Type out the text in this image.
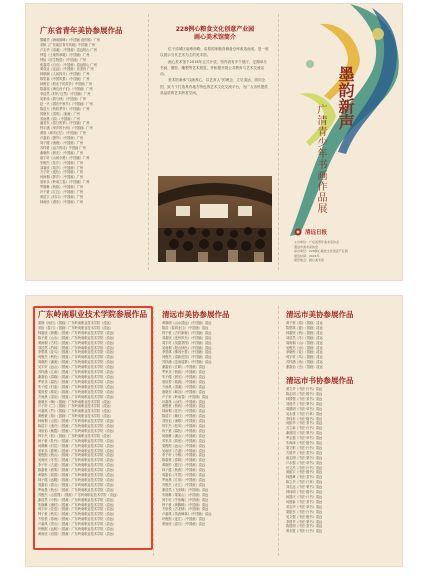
广东省青年美协参展作品
黎耀华《海南雄峰》（中国画 创作稿）广州
邓帆《广东地区青年风貌》中国画 广州
卢志华《清溪》（中国画）清远阳山 广州
钟雯《土地的承载》（中国画）广州
钟怡《浮生物语》（中国画）广州
张嘉靖《日出》（中国画）清远阳山 广州
黄成达《孟远》（中国画）省美协 广州
林晓娴《人间四月》（中国画）广州
陈思嘉《中国风景》（中国画）广州
林俊宏《阳光下的故乡》中国画 广州
陈嘉瑶《海边孩子们》（中国画）广州
李浩然《时代·自然》（中国画）广州
吴家伟《我与秋》（中国画）广州
赵一兴《国庆中秋节》（中国画）广州
陈浩天《秋收季节》（中国画）广州
郭晓东《清风》（油画）广州
邓雨晨《春》（中国画）广州
潘若东《春日的梦》（中国画）广州
钟宇涵《家乡的小河》（中国画）广州
黄欣《城市记忆》（中国画）广州
卢嘉怡《窗外》（中国画）广州
周子健《渔港》（中国画）广州
苏梓豪《远方的诗》中国画 广州
谢晓彤《晨光》（中国画）广州
唐宇轩《山间小路》（中国画）广州
朱俊杰《花开》（中国画）广州
刘嘉欣《故乡》（中国画）广州
方子轩《夜色》（中国画）广州
何雨桐《梦乡》（中国画）广州
梁家乐《岭南之春》（中国画）广州
罗晓琳《秋韵》（中国画）广州
叶子豪《江边》（中国画）广州
黄浩宇《村口》（中国画）广州
林雨欣《漫步》（中国画）广州
228例心粮食文化创意产业园
画心美术馆简介

位于清城区南粤西路，由原国家粮食储备仓库改造而成，是一座以展示当代艺术为主的美术馆。

画心美术馆于2016年正式开放，馆内设有多个展厅，定期举办书画、摄影、雕塑等艺术展览，并积极开展公共教育与艺术交流活动。

美术馆秉承“以画养心，以艺育人”的理念，立足清远，面向全国，致力于打造具有地方特色的艺术文化交流平台，为广大市民提供高品质的艺术欣赏空间。	墨韵新声
广清青少年书画作品展
清远日报
主办单位：广东省青年美术家协会
清远市美术家协会
承办单位：228例心粮食文化创意产业园
展览时间：2021年
展览地点：画心美术馆
广东岭南职业技术学院参展作品
梁晓《雨后》（国画）广东岭南职业技术学院（清远）
邓怡《春日》（国画）广东岭南职业技术学院（清远）
林嘉欣《荷塘》（国画）广东岭南职业技术学院（清远）
陈子豪《山水》（国画）广东岭南职业技术学院（清远）
黄雨桐《古村》（国画）广东岭南职业技术学院（清远）
刘浩然《竹林》（国画）广东岭南职业技术学院（清远）
李思琪《花鸟》（国画）广东岭南职业技术学院（清远）
何俊杰《秋色》（国画）广东岭南职业技术学院（清远）
周晓彤《溪流》（国画）广东岭南职业技术学院（清远）
吴宇轩《远山》（国画）广东岭南职业技术学院（清远）
苏梓涵《江南》（国画）广东岭南职业技术学院（清远）
谢嘉怡《春晓》（国画）广东岭南职业技术学院（清远）
罗家乐《暮色》（国画）广东岭南职业技术学院（清远）
朱子健《归途》（国画）广东岭南职业技术学院（清远）
梁欣悦《桃花》（国画）广东岭南职业技术学院（清远）
方雨晨《清泉》（国画）广东岭南职业技术学院（清远）
唐晓东《梅》（国画）广东岭南职业技术学院（清远）
卢子轩《兰》（国画）广东岭南职业技术学院（清远）
叶嘉琪《竹》（国画）广东岭南职业技术学院（清远）
黄俊豪《菊》（国画）广东岭南职业技术学院（清远）
林雨桐《山居》（国画）广东岭南职业技术学院（清远）
陈浩宇《渔舟》（国画）广东岭南职业技术学院（清远）
刘欣怡《晚霞》（国画）广东岭南职业技术学院（清远）
钟宇杰《松》（国画）广东岭南职业技术学院（清远）
杨子豪《牡丹》（国画）广东岭南职业技术学院（清远）
何晓琳《村居》（国画）广东岭南职业技术学院（清远）
邓家乐《夏荷》（国画）广东岭南职业技术学院（清远）
梁俊熙《秋山》（国画）广东岭南职业技术学院（清远）
吴雨欣《冬雪》（国画）广东岭南职业技术学院（清远）
李子轩《古道》（国画）广东岭南职业技术学院（清远）
陈嘉豪《晨雾》（国画）广东岭南职业技术学院（清远）
黄晓彤《故园》（国画）广东岭南职业技术学院（清远）
林子健《远眺》（国画）广东岭南职业技术学院（清远）
周嘉怡《春山》（国画）广东岭南职业技术学院（清远）
罗雨晨《秋水》（国画）广东岭南职业技术学院（清远）
苏俊杰《山居图》（国画）广东岭南职业技术学院（清远）
谢浩然《小桥》（国画）广东岭南职业技术学院（清远）
朱晓琳《渔村》（国画）广东岭南职业技术学院（清远）
何宇轩《花语》（国画）广东岭南职业技术学院（清远）
钟子豪《秋实》（国画）广东岭南职业技术学院（清远）
方欣悦《春雨》（国画）广东岭南职业技术学院（清远）
卢嘉琪《青山》（国画）广东岭南职业技术学院（清远）
叶俊熙《远帆》（国画）广东岭南职业技术学院（清远）
黄雨欣《田园》（国画）广东岭南职业技术学院（清远）
清远市美协参展作品
黄晓明《山水清远》（中国画）清远
陈浩《春到北江》（中国画）清远
林子豪《古村新貌》（中国画）清远
刘嘉欣《连州风光》（中国画）清远
周宇轩《英德茶园》（中国画）清远
吴雨桐《阳山秋色》（中国画）清远
李思琪《佛冈小景》（中国画）清远
何俊杰《清新田园》（中国画）清远
苏梓涵《连南瑶寨》（中国画）清远
谢嘉怡《江畔》（中国画）清远
罗家乐《秋韵》（中国画）清远
朱子健《晨光》（中国画）清远
梁欣悦《桃源》（中国画）清远
方雨晨《清溪》（中国画）清远
唐晓东《峡谷》（中国画）清远
卢子轩《岭南春》（中国画）清远
叶嘉琪《山村》（中国画）清远
黄俊豪《秋收》（中国画）清远
林雨桐《花开》（中国画）清远
陈浩宇《晚归》（中国画）清远
刘欣怡《渔歌》（中国画）清远
钟宇杰《松风》（中国画）清远
杨子豪《暮色》（中国画）清远
何晓琳《溪山》（中国画）清远
邓家乐《故里》（中国画）清远
梁俊熙《远山》（中国画）清远
吴雨欣《古道》（中国画）清远
李子轩《小镇》（中国画）清远
陈嘉豪《春耕》（中国画）清远
黄晓彤《夏日》（中国画）清远
林子健《秋意》（中国画）清远
周嘉怡《冬景》（中国画）清远
罗雨晨《江南》（中国画）清远
苏俊杰《北江》（中国画）清远
谢浩然《飞来峡》（中国画）清远
朱晓琳《笔架山》（中国画）清远
何宇轩《牛鱼嘴》（中国画）清远
钟子豪《黄腾峡》（中国画）清远
方欣悦《古龙峡》（中国画）清远
卢嘉琪《英西峰林》（中国画）清远
叶俊熙《连江》（中国画）清远
黄雨欣《湟川》（中国画）清远
清远市美协参展作品
黄子豪《春》（国画）清远
陈思琪《夏》（国画）清远
林嘉欣《秋》（国画）清远
刘浩然《冬》（国画）清远
周雨桐《山》（国画）清远
吴俊杰《水》（国画）清远
李晓彤《花》（国画）清远
何宇轩《鸟》（国画）清远
苏梓涵《鱼》（国画）清远
谢嘉怡《虫》（国画）清远
清远市书协参展作品
黄文华《书法·行书》清远
陈志明《书法·楷书》清远
林国强《书法·隶书》清远
刘建华《书法·篆书》清远
周德明《书法·草书》清远
吴永康《书法·行草》清远
李伟东《书法·楷书》清远
何振华《书法·隶书》清远
苏立新《书法·行书》清远
谢建国《书法·篆书》清远
罗志强《书法·草书》清远
朱海涛《书法·楷书》清远
梁文彬《书法·行书》清远
方国华《书法·隶书》清远
唐志刚《书法·篆书》清远
卢永强《书法·草书》清远
叶文杰《书法·行书》清远
黄振宇《书法·楷书》清远
林建峰《书法·隶书》清远
陈立华《书法·行草》清远
刘志远《书法·篆书》清远
钟伟明《书法·楷书》清远
杨国庆《书法·行书》清远
何建新《书法·隶书》清远
邓志华《书法·草书》清远
梁振东《书法·行书》清远
吴文强《书法·楷书》清远
李国华《书法·篆书》清远
陈建明《书法·隶书》清远
黄永胜《书法·行书》清远
